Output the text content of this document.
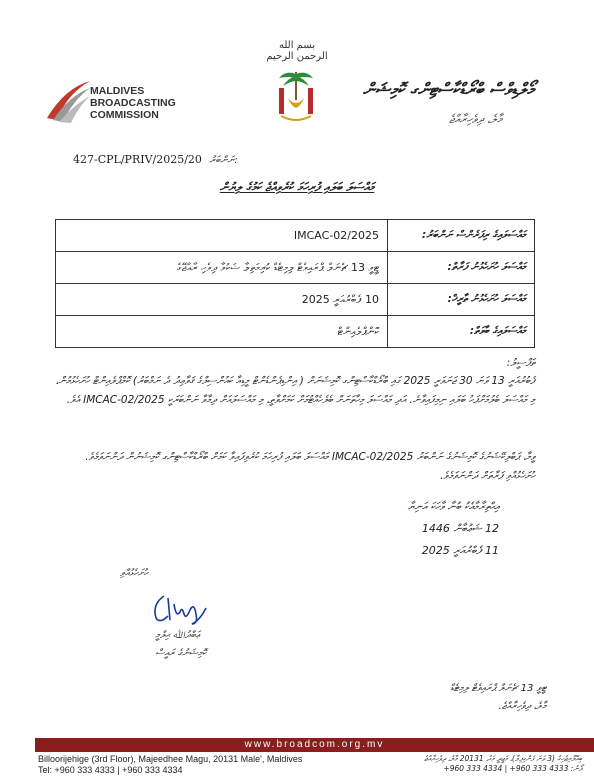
بسم الله الرحمن الرحيم
MALDIVES
BROADCASTING
COMMISSION
މޯލްޑިވްސް ބްރޯޑްކާސްޓިންގ ކޮމިޝަން
މާލެ، ދިވެހިރާއްޖެ
427-CPL/PRIV/2025/20 ނަންބަރު:
މައްސަލަ ބަލައި ފުރިހަމަ ކުރެވިއްޖެ ކަމުގެ ލިޔުން
IMCAC-02/2025	މައްސަލައިގެ ރިފަރެންސް ނަންބަރު:
ޓީވީ 13 ޗެނަލް ޕްރައިވެޓް ލިމިޓެޑް ކުރިމަތިލާ ޝަކުވާ ދިވެހި ރާއްޖޭގެ	މައްސަލަ ހުށަހެޅުނު ފަރާތް:
10 ފެބްރުއަރީ 2025	މައްސަލަ ހުށަހެޅުނު ތާރީޚް:
ކޮންޕްލެއިންޓް	މައްސަލައިގެ ބާވަތް:
ތަފްސީލު:
ފެބުރުއަރީ 13 ވަނަ 30 ޖަނަވަރީ 2025 ގައި ބްރޯޑްކާސްޓިންގ ކޮމިޝަނަށް ( އިންޑިޕެންޑެންޓް މީޑިއާ ކައުންސިލްގެ ޤަވާޢިދު ދެ ނަމްބަރު) ކޮމްޕްލެއިންޓް ހުށަހެޅުމުން، މި މައްސަލަ ބެލުމަށްފަހު ބަލައި ނިމިފައިވާނެ. އަދި މައްސަލަ މިހާތަނަށް ބެލެހެއްޓުމަށް ކަމަށްވާތީ، މި މައްސަލައަށް ދިމާވާ ނަންބަރަކީ IMCAC-02/2025 އެވެ.
ވީމާ، ޕަބްލިކޭޝަނުގެ ކޮމިޝަނުގެ ނަންބަރު IMCAC-02/2025 މައްސަލަ ބަލައި ފުރިހަމަ ކުރެވިފައިވާ ކަމަށް ބްރޯޑްކާސްޓިންގ ކޮމިޝަނުން ދަންނަވަމެވެ. ހުށަހެޅުއްވި ފަރާތަށް ދަންނަވަމެވެ.
އިޙްތިރާމާއެކު ބުނާ ވާހަކަ އަނިޔާ
12 ޝަޢުބާން 1446
11 ފެބްރުއަރީ 2025
ހުށަހެޅުއްވި
ޢަބްދުﷲ ޙިލްމީ
ކޮމިޝަނުގެ ރައީސް
ޓީވީ 13 ޗެނަލް ޕްރައިވެޓް ލިމިޓެޑް
މާލެ، ދިވެހިރާއްޖެ.
www.broadcom.org.mv
Billoorijehige (3rd Floor), Majeedhee Magu, 20131 Male', Maldives
Tel: +960 333 4333 | +960 333 4334
ބިއްލޫރިޖެހިގެ (3 ވަނަ ފަންގިފިލާ)، މަޖީދީ މަގު، 20131 މާލެ، ދިވެހިރާއްޖެ
ފޯނު: 4333 333 960+ | 4334 333 960+
